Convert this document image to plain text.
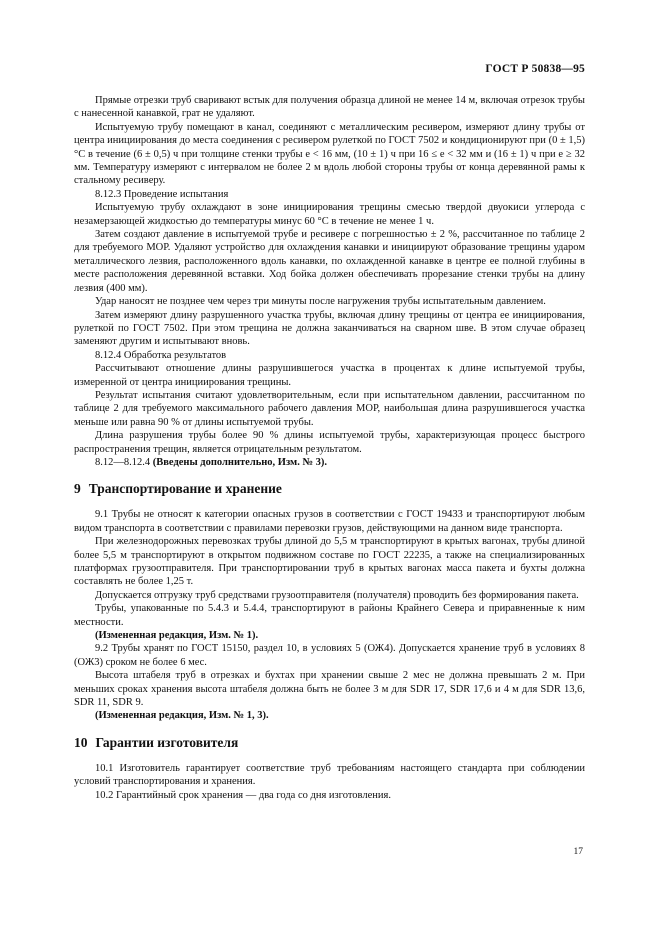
ГОСТ Р 50838—95

Прямые отрезки труб сваривают встык для получения образца длиной не менее 14 м, включая отрезок трубы с нанесенной канавкой, грат не удаляют.

Испытуемую трубу помещают в канал, соединяют с металлическим ресивером, измеряют длину трубы от центра инициирования до места соединения с ресивером рулеткой по ГОСТ 7502 и кондиционируют при (0 ± 1,5) °С в течение (6 ± 0,5) ч при толщине стенки трубы e < 16 мм, (10 ± 1) ч при 16 ≤ e < 32 мм и (16 ± 1) ч при e ≥ 32 мм. Температуру измеряют с интервалом не более 2 м вдоль любой стороны трубы от конца деревянной рамы к стальному ресиверу.

8.12.3 Проведение испытания

Испытуемую трубу охлаждают в зоне инициирования трещины смесью твердой двуокиси углерода с незамерзающей жидкостью до температуры минус 60 °С в течение не менее 1 ч.

Затем создают давление в испытуемой трубе и ресивере с погрешностью ± 2 %, рассчитанное по таблице 2 для требуемого МОР. Удаляют устройство для охлаждения канавки и инициируют образование трещины ударом металлического лезвия, расположенного вдоль канавки, по охлажденной канавке в центре ее полной глубины в месте расположения деревянной вставки. Ход бойка должен обеспечивать прорезание стенки трубы на длину лезвия (400 мм).

Удар наносят не позднее чем через три минуты после нагружения трубы испытательным давлением.

Затем измеряют длину разрушенного участка трубы, включая длину трещины от центра ее инициирования, рулеткой по ГОСТ 7502. При этом трещина не должна заканчиваться на сварном шве. В этом случае образец заменяют другим и испытывают вновь.

8.12.4 Обработка результатов

Рассчитывают отношение длины разрушившегося участка в процентах к длине испытуемой трубы, измеренной от центра инициирования трещины.

Результат испытания считают удовлетворительным, если при испытательном давлении, рассчитанном по таблице 2 для требуемого максимального рабочего давления МОР, наибольшая длина разрушившегося участка меньше или равна 90 % от длины испытуемой трубы.

Длина разрушения трубы более 90 % длины испытуемой трубы, характеризующая процесс быстрого распространения трещин, является отрицательным результатом.

8.12—8.12.4 (Введены дополнительно, Изм. № 3).

9 Транспортирование и хранение

9.1 Трубы не относят к категории опасных грузов в соответствии с ГОСТ 19433 и транспортируют любым видом транспорта в соответствии с правилами перевозки грузов, действующими на данном виде транспорта.

При железнодорожных перевозках трубы длиной до 5,5 м транспортируют в крытых вагонах, трубы длиной более 5,5 м транспортируют в открытом подвижном составе по ГОСТ 22235, а также на специализированных платформах грузоотправителя. При транспортировании труб в крытых вагонах масса пакета и бухты должна составлять не более 1,25 т.

Допускается отгрузку труб средствами грузоотправителя (получателя) проводить без формирования пакета.

Трубы, упакованные по 5.4.3 и 5.4.4, транспортируют в районы Крайнего Севера и приравненные к ним местности.

(Измененная редакция, Изм. № 1).

9.2 Трубы хранят по ГОСТ 15150, раздел 10, в условиях 5 (ОЖ4). Допускается хранение труб в условиях 8 (ОЖ3) сроком не более 6 мес.

Высота штабеля труб в отрезках и бухтах при хранении свыше 2 мес не должна превышать 2 м. При меньших сроках хранения высота штабеля должна быть не более 3 м для SDR 17, SDR 17,6 и 4 м для SDR 13,6, SDR 11, SDR 9.

(Измененная редакция, Изм. № 1, 3).

10 Гарантии изготовителя

10.1 Изготовитель гарантирует соответствие труб требованиям настоящего стандарта при соблюдении условий транспортирования и хранения.

10.2 Гарантийный срок хранения — два года со дня изготовления.

17
